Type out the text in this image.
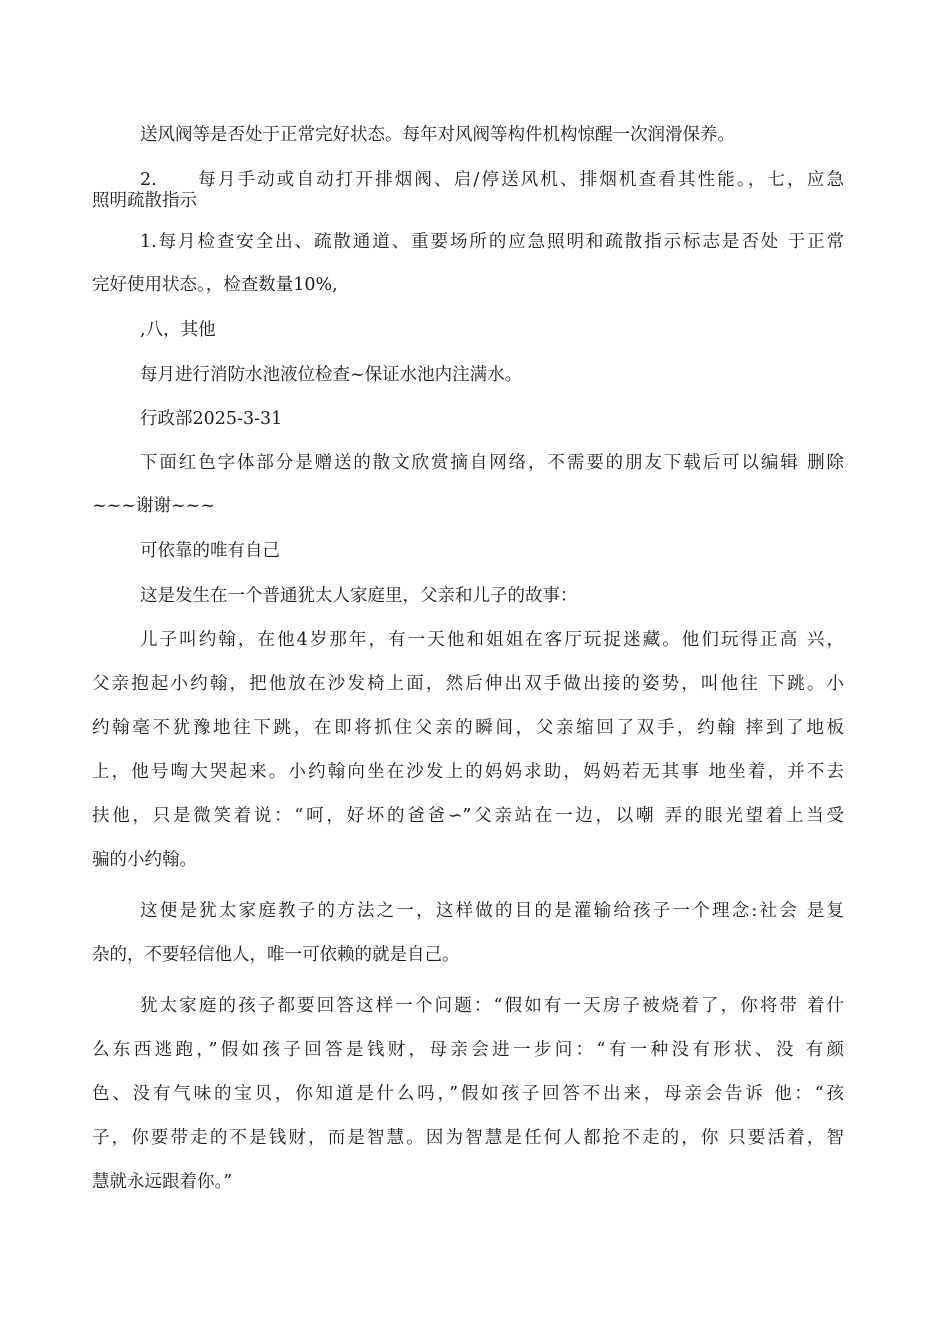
送风阀等是否处于正常完好状态。每年对风阀等构件机构惊醒一次润滑保养。

2.　　每月手动或自动打开排烟阀、启/停送风机、排烟机查看其性能。，七，应急
照明疏散指示

1.每月检查安全出、疏散通道、重要场所的应急照明和疏散指示标志是否处 于正常
完好使用状态。，检查数量10%,

,八，其他

每月进行消防水池液位检查~保证水池内注满水。

行政部2025-3-31

下面红色字体部分是赠送的散文欣赏摘自网络，不需要的朋友下载后可以编辑 删除
~~~谢谢~~~

可依靠的唯有自己

这是发生在一个普通犹太人家庭里，父亲和儿子的故事：

儿子叫约翰，在他4岁那年，有一天他和姐姐在客厅玩捉迷藏。他们玩得正高 兴，

父亲抱起小约翰，把他放在沙发椅上面，然后伸出双手做出接的姿势，叫他往 下跳。小

约翰毫不犹豫地往下跳，在即将抓住父亲的瞬间，父亲缩回了双手，约翰 摔到了地板

上，他号啕大哭起来。小约翰向坐在沙发上的妈妈求助，妈妈若无其事 地坐着，并不去

扶他，只是微笑着说：“呵，好坏的爸爸∽”父亲站在一边，以嘲 弄的眼光望着上当受

骗的小约翰。

这便是犹太家庭教子的方法之一，这样做的目的是灌输给孩子一个理念:社会 是复

杂的，不要轻信他人，唯一可依赖的就是自己。

犹太家庭的孩子都要回答这样一个问题：“假如有一天房子被烧着了，你将带 着什

么东西逃跑，”假如孩子回答是钱财，母亲会进一步问：“有一种没有形状、没 有颜

色、没有气味的宝贝，你知道是什么吗，”假如孩子回答不出来，母亲会告诉 他：“孩

子，你要带走的不是钱财，而是智慧。因为智慧是任何人都抢不走的，你 只要活着，智

慧就永远跟着你。”
